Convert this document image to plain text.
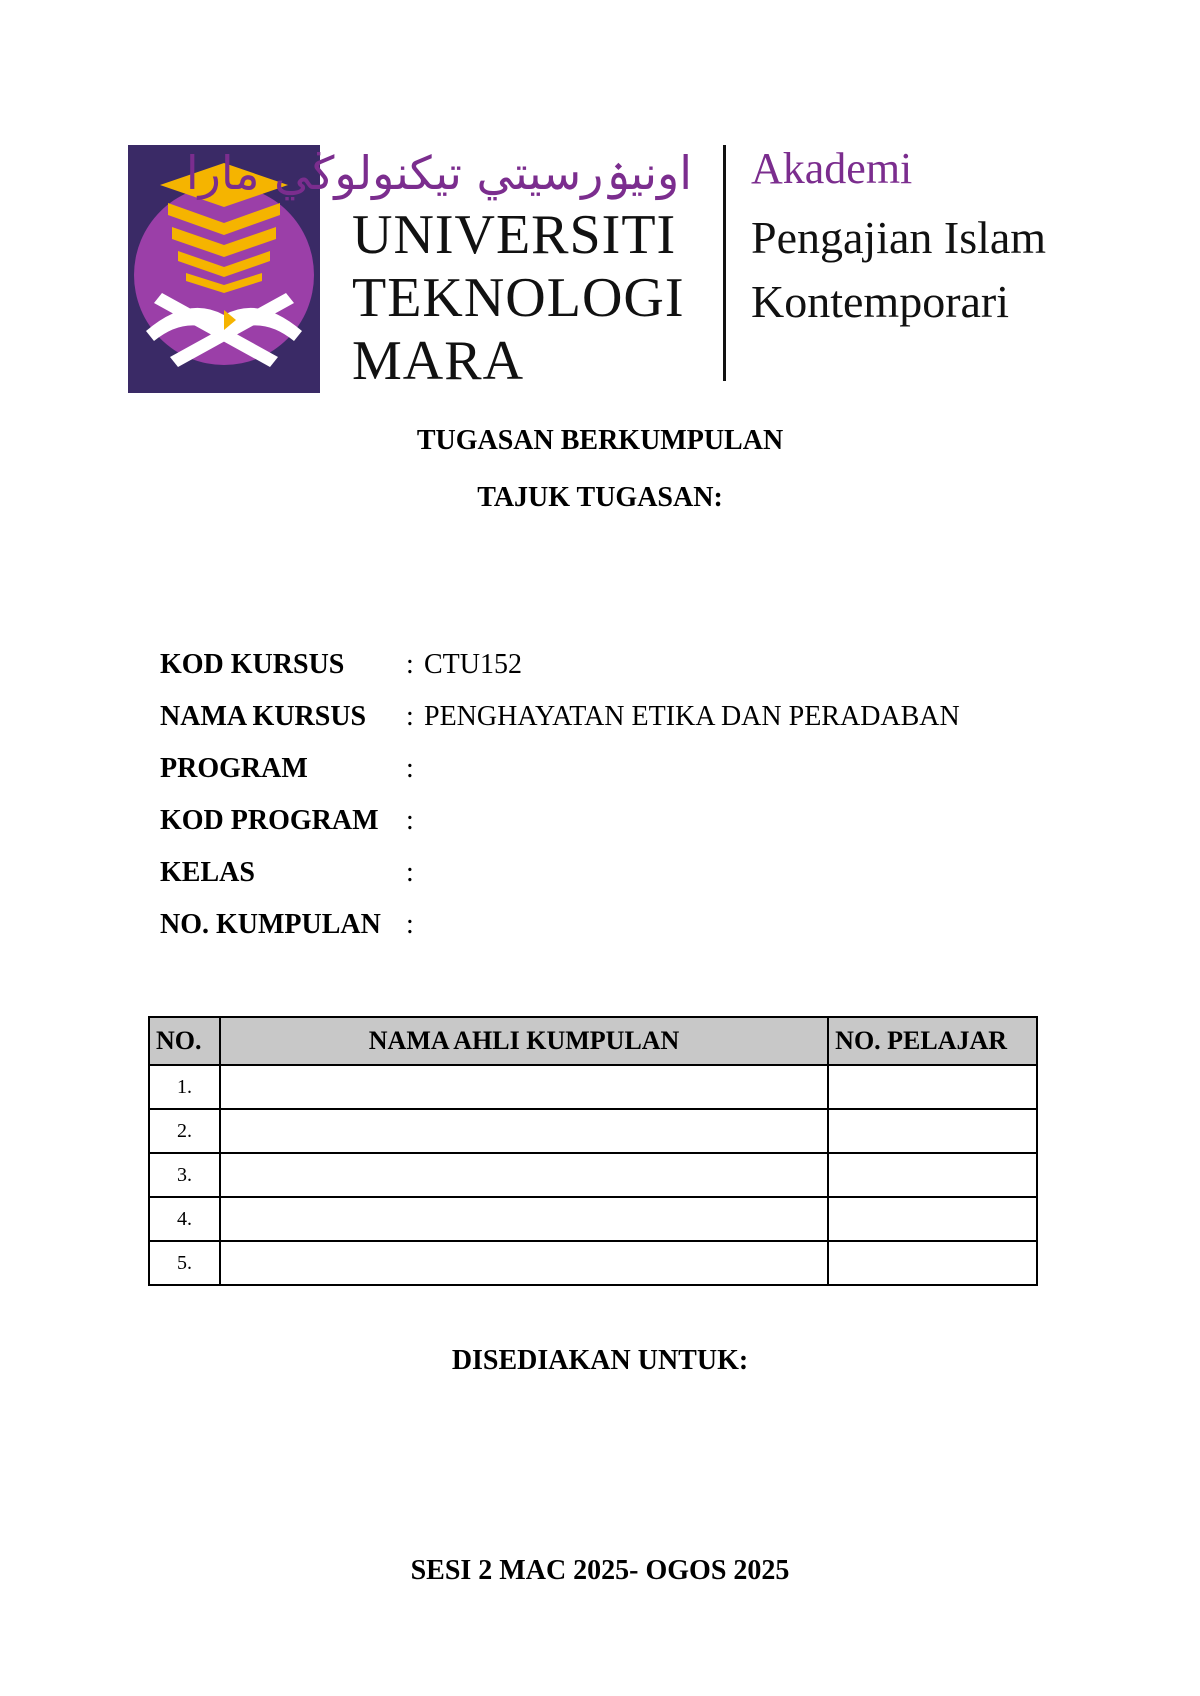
اونيۏرسيتي تيكنولوڬي مارا
UNIVERSITI
TEKNOLOGI
MARA
Akademi
Pengajian Islam
Kontemporari
TUGASAN BERKUMPULAN
TAJUK TUGASAN:
KOD KURSUS : CTU152
NAMA KURSUS : PENGHAYATAN ETIKA DAN PERADABAN
PROGRAM	:
KOD PROGRAM :
KELAS	:
NO. KUMPULAN :
NO.	NAMA AHLI KUMPULAN	NO. PELAJAR
1.		
2.		
3.		
4.		
5.		
DISEDIAKAN UNTUK:
SESI 2 MAC 2025- OGOS 2025
